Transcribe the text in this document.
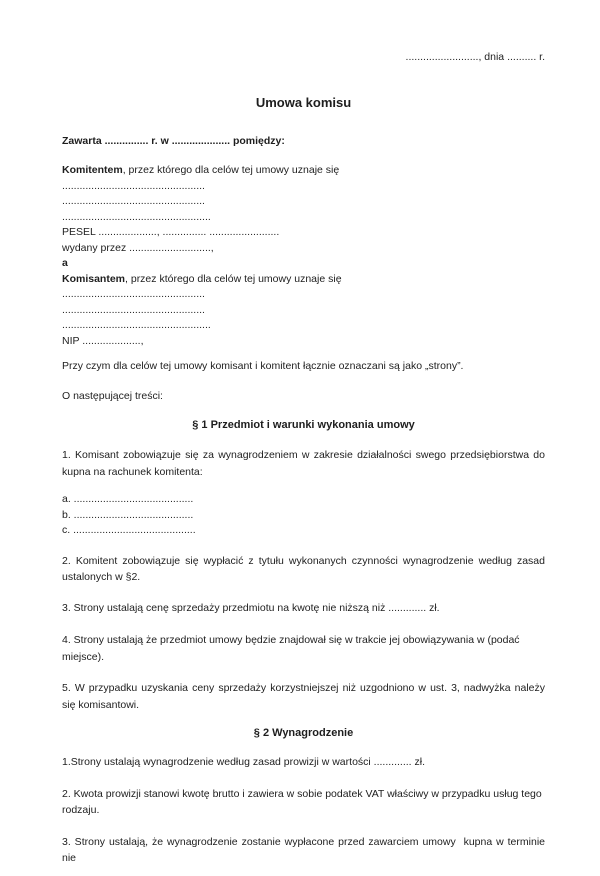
........................., dnia .......... r.
Umowa komisu

Zawarta ............... r. w .................... pomiędzy:

Komitentem, przez którego dla celów tej umowy uznaje się
.................................................
.................................................
...................................................
PESEL ...................., ............... ........................
wydany przez ............................,
a
Komisantem, przez którego dla celów tej umowy uznaje się
.................................................
.................................................
...................................................
NIP ....................,

Przy czym dla celów tej umowy komisant i komitent łącznie oznaczani są jako „strony”.

O następującej treści:

§ 1 Przedmiot i warunki wykonania umowy

1. Komisant zobowiązuje się za wynagrodzeniem w zakresie działalności swego przedsiębiorstwa do kupna na rachunek komitenta:

a. .........................................
b. .........................................
c. ..........................................

2. Komitent zobowiązuje się wypłacić z tytułu wykonanych czynności wynagrodzenie według zasad ustalonych w §2.

3. Strony ustalają cenę sprzedaży przedmiotu na kwotę nie niższą niż ............. zł.

4. Strony ustalają że przedmiot umowy będzie znajdował się w trakcie jej obowiązywania w (podać miejsce).

5. W przypadku uzyskania ceny sprzedaży korzystniejszej niż uzgodniono w ust. 3, nadwyżka należy się komisantowi.

§ 2 Wynagrodzenie

1.Strony ustalają wynagrodzenie według zasad prowizji w wartości ............. zł.

2. Kwota prowizji stanowi kwotę brutto i zawiera w sobie podatek VAT właściwy w przypadku usług tego rodzaju.

3. Strony ustalają, że wynagrodzenie zostanie wypłacone przed zawarciem umowy  kupna w terminie nie
